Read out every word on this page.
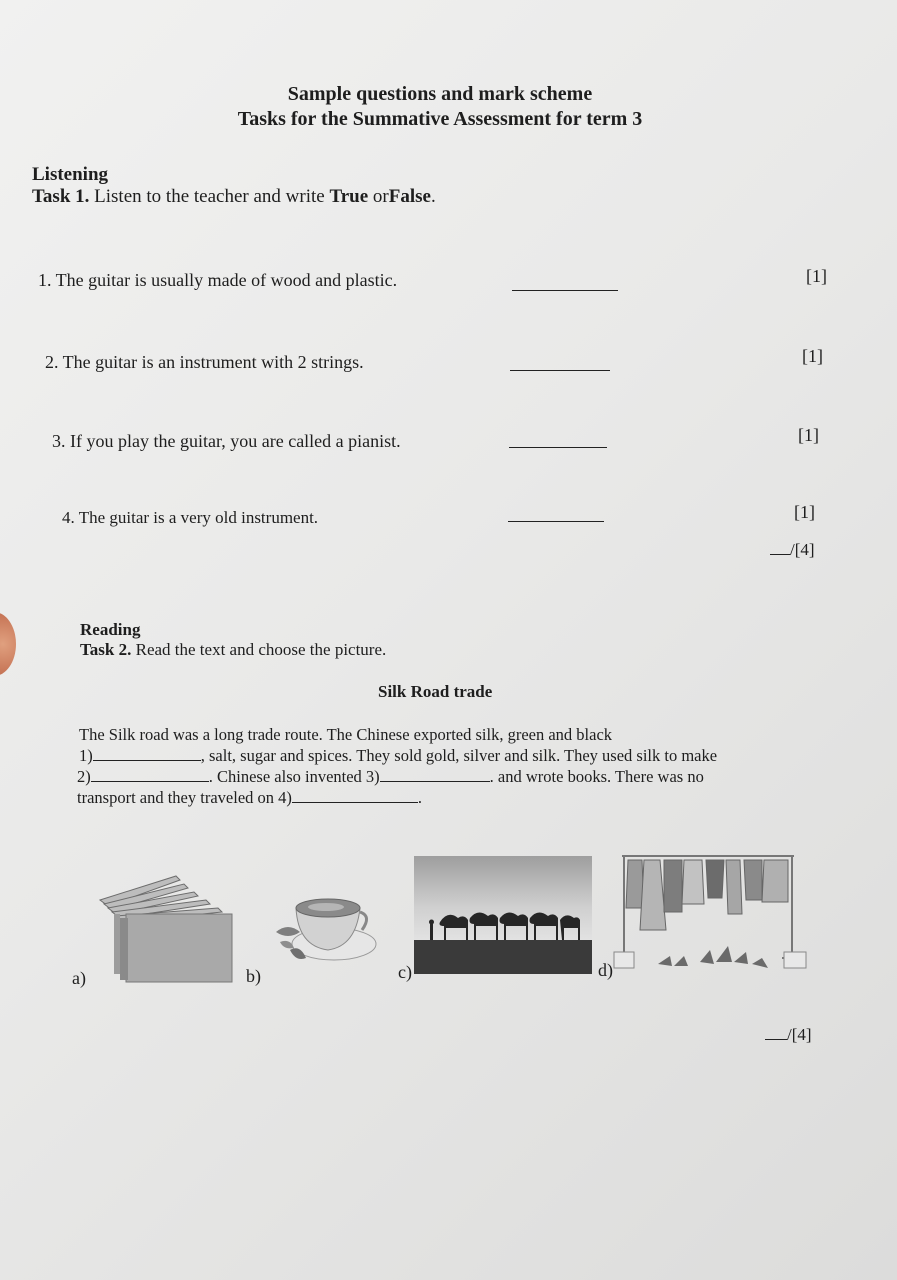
Sample questions and mark scheme
Tasks for the Summative Assessment for term 3
Listening
Task 1. Listen to the teacher and write True orFalse.
1. The guitar is usually made of wood and plastic.	[1]
2. The guitar is an instrument with 2 strings.	[1]
3. If you play the guitar, you are called a pianist.	[1]
4. The guitar is a very old instrument.	[1]
/[4]
Reading
Task 2. Read the text and choose the picture.
Silk Road trade
The Silk road was a long trade route. The Chinese exported silk, green and black
1)	, salt, sugar and spices. They sold gold, silver and silk. They used silk to make
2)	. Chinese also invented 3)	. and wrote books. There was no
transport and they traveled on 4)	.
a)	b)	c)	d)
/[4]
